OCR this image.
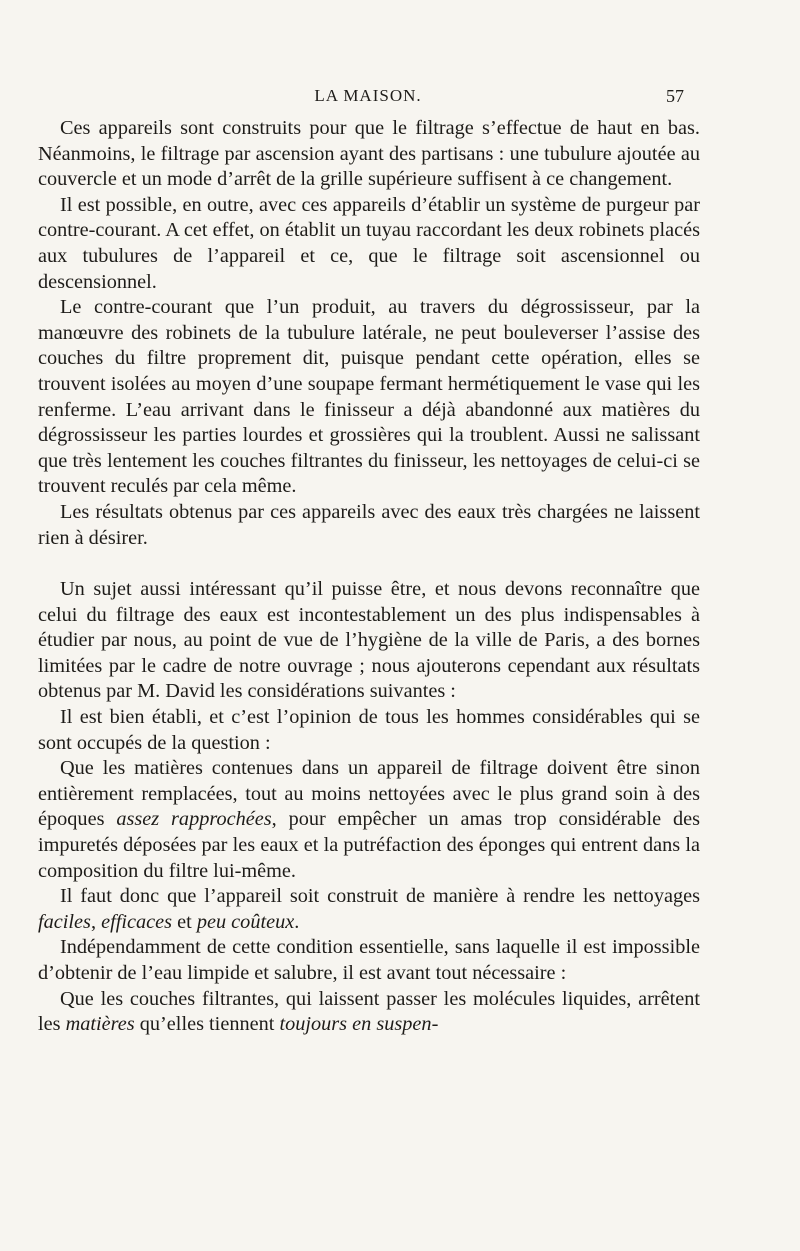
LA MAISON.	57

Ces appareils sont construits pour que le filtrage s’effectue de haut en bas. Néanmoins, le filtrage par ascension ayant des partisans : une tubulure ajoutée au couvercle et un mode d’arrêt de la grille supérieure suffisent à ce changement.

Il est possible, en outre, avec ces appareils d’établir un système de purgeur par contre-courant. A cet effet, on établit un tuyau raccordant les deux robinets placés aux tubulures de l’appareil et ce, que le filtrage soit ascensionnel ou descensionnel.

Le contre-courant que l’un produit, au travers du dégrossisseur, par la manœuvre des robinets de la tubulure latérale, ne peut bouleverser l’assise des couches du filtre proprement dit, puisque pendant cette opération, elles se trouvent isolées au moyen d’une soupape fermant hermétiquement le vase qui les renferme. L’eau arrivant dans le finisseur a déjà abandonné aux matières du dégrossisseur les parties lourdes et grossières qui la troublent. Aussi ne salissant que très lentement les couches filtrantes du finisseur, les nettoyages de celui-ci se trouvent reculés par cela même.

Les résultats obtenus par ces appareils avec des eaux très chargées ne laissent rien à désirer.

Un sujet aussi intéressant qu’il puisse être, et nous devons reconnaître que celui du filtrage des eaux est incontestablement un des plus indispensables à étudier par nous, au point de vue de l’hygiène de la ville de Paris, a des bornes limitées par le cadre de notre ouvrage ; nous ajouterons cependant aux résultats obtenus par M. David les considérations suivantes :

Il est bien établi, et c’est l’opinion de tous les hommes considérables qui se sont occupés de la question :

Que les matières contenues dans un appareil de filtrage doivent être sinon entièrement remplacées, tout au moins nettoyées avec le plus grand soin à des époques assez rapprochées, pour empêcher un amas trop considérable des impuretés déposées par les eaux et la putréfaction des éponges qui entrent dans la composition du filtre lui-même.

Il faut donc que l’appareil soit construit de manière à rendre les nettoyages faciles, efficaces et peu coûteux.

Indépendamment de cette condition essentielle, sans laquelle il est impossible d’obtenir de l’eau limpide et salubre, il est avant tout nécessaire :

Que les couches filtrantes, qui laissent passer les molécules liquides, arrêtent les matières qu’elles tiennent toujours en suspen-
